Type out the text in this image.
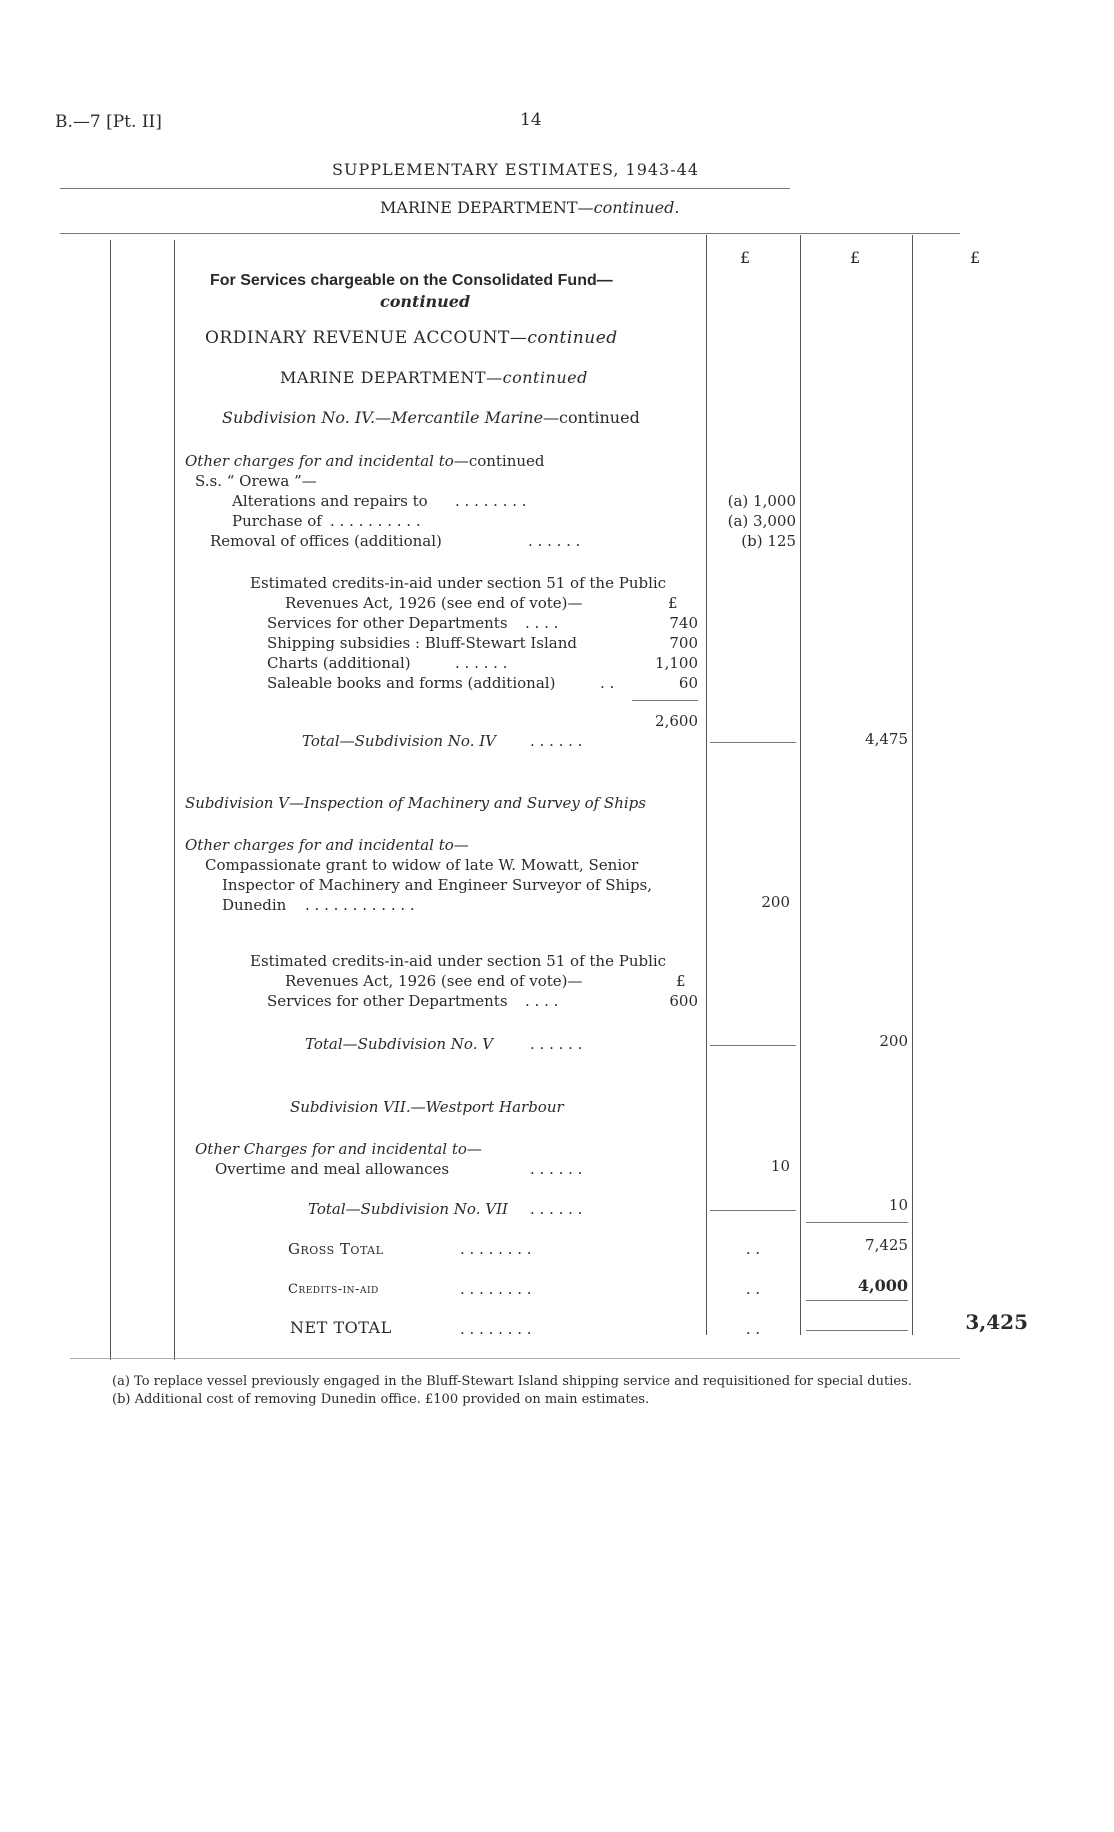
B.—7 [Pt. II]	14
SUPPLEMENTARY ESTIMATES, 1943-44
MARINE DEPARTMENT—continued.
£	£	£
For Services chargeable on the Consolidated Fund—
continued
ORDINARY REVENUE ACCOUNT—continued
MARINE DEPARTMENT—continued
Subdivision No. IV.—Mercantile Marine—continued
Other charges for and incidental to—continued
S.s. “ Orewa ”—
Alterations and repairs to . . . . . . . .	(a) 1,000
Purchase of . . . . . . . . . .	(a) 3,000
Removal of offices (additional)	. . . . . .	(b) 125
Estimated credits-in-aid under section 51 of the Public
Revenues Act, 1926 (see end of vote)—	£
Services for other Departments . . . .	740
Shipping subsidies : Bluff-Stewart Island	700
Charts (additional)	. . . . . .	1,100
Saleable books and forms (additional)	. .	60
2,600
Total—Subdivision No. IV . . . . . .	4,475
Subdivision V—Inspection of Machinery and Survey of Ships
Other charges for and incidental to—
Compassionate grant to widow of late W. Mowatt, Senior
Inspector of Machinery and Engineer Surveyor of Ships,
Dunedin . . . . . . . . . . . .	200
Estimated credits-in-aid under section 51 of the Public
Revenues Act, 1926 (see end of vote)—	£
Services for other Departments . . . .	600
Total—Subdivision No. V . . . . . .	200
Subdivision VII.—Westport Harbour
Other Charges for and incidental to—
Overtime and meal allowances	. . . . . .	10
Total—Subdivision No. VII . . . . . .	10
Gross Total	. . . . . . . .	. .	7,425
Credits-in-aid	. . . . . . . .	. .	4,000
NET TOTAL	. . . . . . . .	. .	3,425
(a) To replace vessel previously engaged in the Bluff-Stewart Island shipping service and requisitioned for special duties.
(b) Additional cost of removing Dunedin office. £100 provided on main estimates.
